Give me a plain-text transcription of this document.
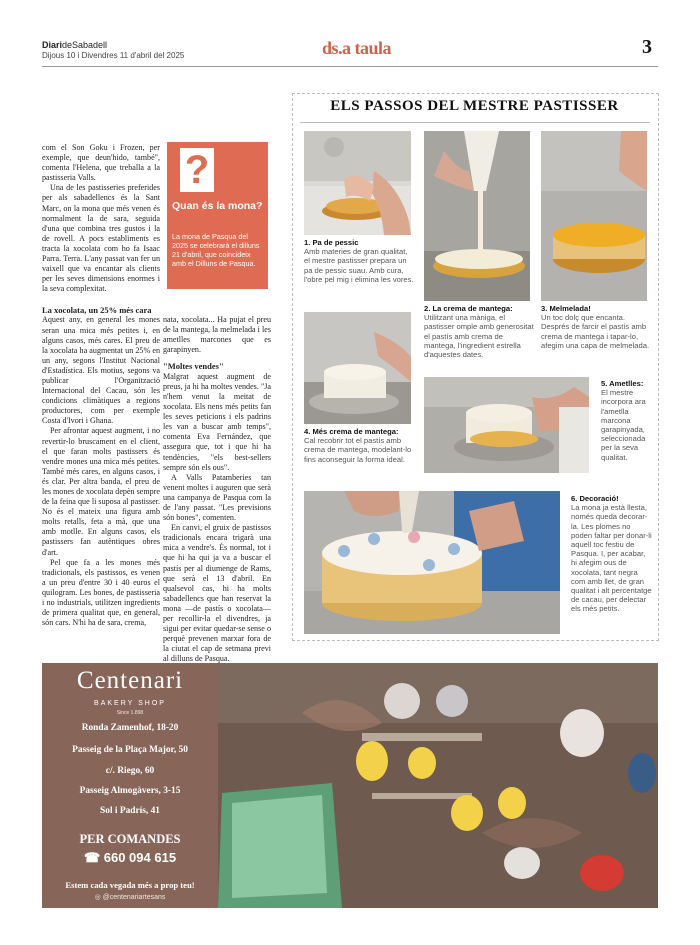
DiarideSabadell
Dijous 10 i Divendres 11 d'abril del 2025	ds.a taula	3

com el Son Goku i Frozen, per exemple, que deun'hido, també", comenta l'Helena, que treballa a la pastisseria Valls.

Una de les pastisseries preferides per als sabadellencs és la Sant Marc, on la mona que més venen és normalment la de sara, seguida d'una que combina tres gustos i la de rovell. A pocs establiments es tracta la xocolata com ho fa Isaac Parra. Terra. L'any passat van fer un vaixell que va encantar als clients per les seves dimensions enormes i la seva complexitat.

La xocolata, un 25% més cara

Aquest any, en general les mones seran una mica més petites i, en alguns casos, més cares. El preu de la xocolata ha augmentat un 25% en un any, segons l'Institut Nacional d'Estadística. Els motius, segons va publicar l'Organització Internacional del Cacau, són les condicions climàtiques a regions productores, com per exemple Costa d'Ivori i Ghana.

Per afrontar aquest augment, i no revertir-lo bruscament en el client, el que faran molts pastissers és vendre mones una mica més petites. També més cares, en alguns casos, i és clar. Per altra banda, el preu de les mones de xocolata depèn sempre de la feina que li suposa al pastisser. No és el mateix una figura amb molts retalls, feta a mà, que una amb motlle. En alguns casos, els pastissers fan autèntiques obres d'art.

Pel que fa a les mones més tradicionals, els pastissos, es venen a un preu d'entre 30 i 40 euros el quilogram. Les bones, de pastisseria i no industrials, utilitzen ingredients de primera qualitat que, en general, són cars. N'hi ha de sara, crema,

?
Quan és la mona?
La mona de Pasqua del 2025 se celebrarà el dilluns 21 d'abril, que coincideix amb el Dilluns de Pasqua.

nata, xocolata... Ha pujat el preu de la mantega, la melmelada i les ametlles marcones que es garapinyen.

"Moltes vendes"

Malgrat aquest augment de preus, ja hi ha moltes vendes. "Ja n'hem venut la meitat de xocolata. Els nens més petits fan les seves peticions i els padrins les van a buscar amb temps", comenta Eva Fernández, que assegura que, tot i que hi ha tendències, "els best-sellers sempre són els ous".

A Valls Patamberies tan venent moltes i auguren que serà una campanya de Pasqua com la de l'any passat. "Les previsions són bones", comenten.

En canvi, el gruix de pastissos tradicionals encara trigarà una mica a vendre's. És normal, tot i que hi ha qui ja va a buscar el pastís per al diumenge de Rams, que serà el 13 d'abril. En qualsevol cas, hi ha molts sabadellencs que han reservat la mona —de pastís o xocolata— per recollir-la el divendres, ja sigui per evitar quedar-se sense o perquè prevenen marxar fora de la ciutat el cap de setmana previ al dilluns de Pasqua.

ELS PASSOS DEL MESTRE PASTISSER
1. Pa de pessic
Amb materies de gran qualitat, el mestre pastisser prepara un pa de pessic suau. Amb cura, l'obre pel mig i elimina les vores.
2. La crema de mantega:
Utilitzant una màniga, el pastisser omple amb generositat el pastís amb crema de mantega, l'ingredient estrella d'aquestes dates.
3. Melmelada!
Un toc dolç que encanta. Després de farcir el pastís amb crema de mantega i tapar-lo, afegim una capa de melmelada.
4. Més crema de mantega:
Cal recobrir tot el pastís amb crema de mantega, modelant-lo fins aconseguir la forma ideal.
5. Ametlles:
El mestre incorpora ara l'ametlla marcona garapinyada, seleccionada per la seva qualitat.
6. Decoració!
La mona ja està llesta, només queda decorar-la. Les plomes no poden faltar per donar-li aquell toc festiu de Pasqua. I, per acabar, hi afegim ous de xocolata, tant negra com amb llet, de gran qualitat i alt percentatge de cacau, per delectar els més petits.
Centenari
BAKERY SHOP
Since 1.898
Ronda Zamenhof, 18-20
Passeig de la Plaça Major, 50
c/. Riego, 60
Passeig Almogàvers, 3-15
Sol i Padrís, 41
PER COMANDES
☎ 660 094 615
Estem cada vegada més a prop teu!
◎ @centenariartesans
